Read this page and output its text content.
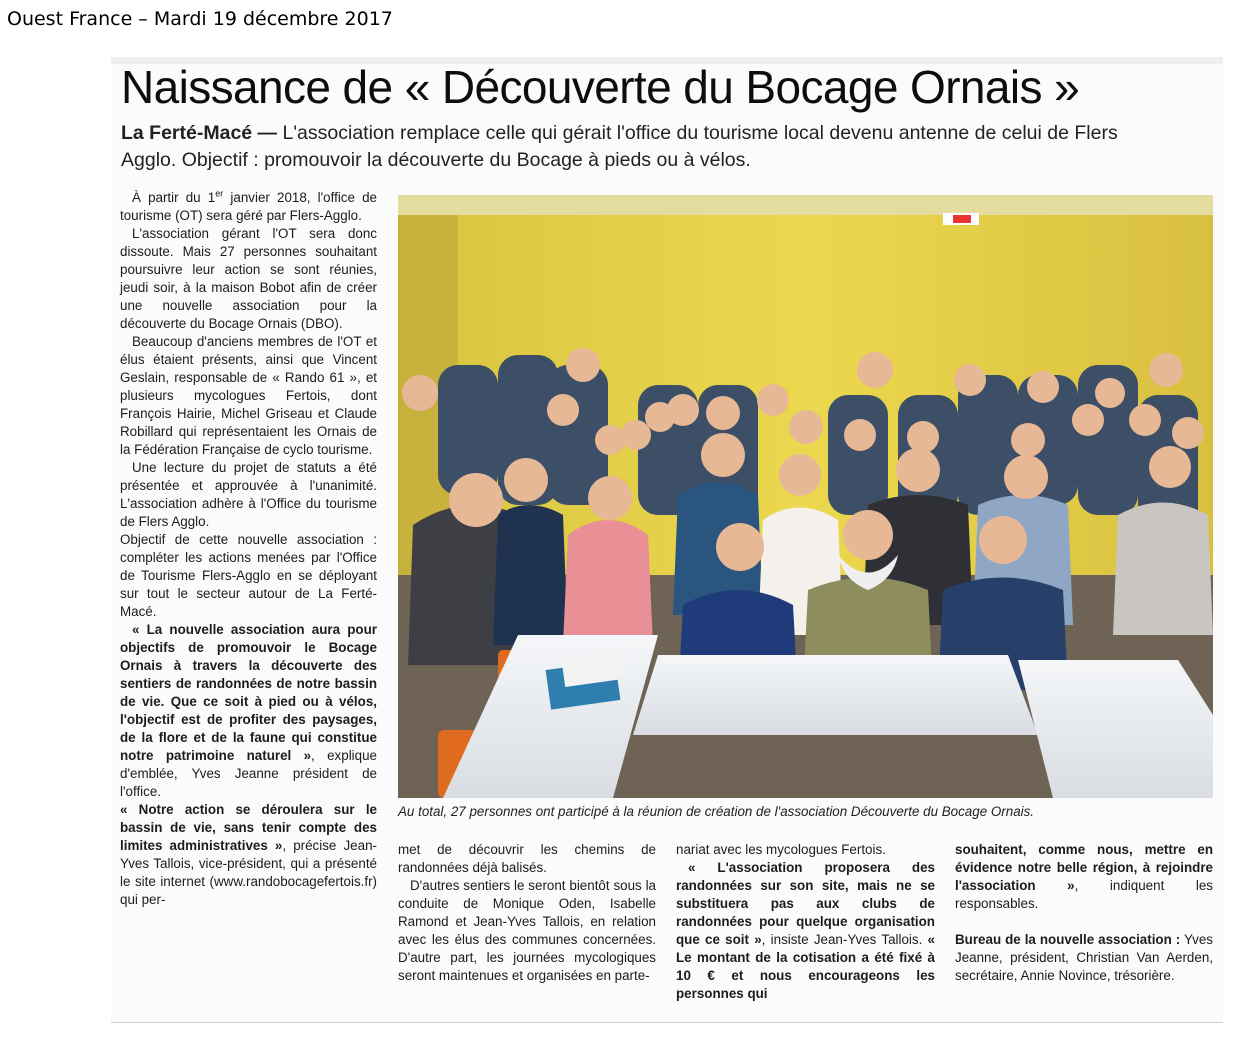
Ouest France – Mardi 19 décembre 2017
Naissance de « Découverte du Bocage Ornais »
La Ferté-Macé — L'association remplace celle qui gérait l'office du tourisme local devenu antenne de celui de Flers Agglo. Objectif : promouvoir la découverte du Bocage à pieds ou à vélos.

À partir du 1er janvier 2018, l'office de tourisme (OT) sera géré par Flers-Agglo.

L'association gérant l'OT sera donc dissoute. Mais 27 personnes souhaitant poursuivre leur action se sont réunies, jeudi soir, à la maison Bobot afin de créer une nouvelle association pour la découverte du Bocage Ornais (DBO).

Beaucoup d'anciens membres de l'OT et élus étaient présents, ainsi que Vincent Geslain, responsable de « Rando 61 », et plusieurs mycologues Fertois, dont François Hairie, Michel Griseau et Claude Robillard qui représentaient les Ornais de la Fédération Française de cyclo tourisme.

Une lecture du projet de statuts a été présentée et approuvée à l'unanimité. L'association adhère à l'Office du tourisme de Flers Agglo.

Objectif de cette nouvelle association : compléter les actions menées par l'Office de Tourisme Flers-Agglo en se déployant sur tout le secteur autour de La Ferté-Macé.

« La nouvelle association aura pour objectifs de promouvoir le Bocage Ornais à travers la découverte des sentiers de randonnées de notre bassin de vie. Que ce soit à pied ou à vélos, l'objectif est de profiter des paysages, de la flore et de la faune qui constitue notre patrimoine naturel », explique d'emblée, Yves Jeanne président de l'office.

« Notre action se déroulera sur le bassin de vie, sans tenir compte des limites administratives », précise Jean-Yves Tallois, vice-président, qui a présenté le site internet (www.randobocagefertois.fr) qui per-

Au total, 27 personnes ont participé à la réunion de création de l'association Découverte du Bocage Ornais.

met de découvrir les chemins de randonnées déjà balisés.

D'autres sentiers le seront bientôt sous la conduite de Monique Oden, Isabelle Ramond et Jean-Yves Tallois, en relation avec les élus des communes concernées. D'autre part, les journées mycologiques seront maintenues et organisées en parte-

nariat avec les mycologues Fertois.

« L'association proposera des randonnées sur son site, mais ne se substituera pas aux clubs de randonnées pour quelque organisation que ce soit », insiste Jean-Yves Tallois. « Le montant de la cotisation a été fixé à 10 € et nous encourageons les personnes qui

souhaitent, comme nous, mettre en évidence notre belle région, à rejoindre l'association », indiquent les responsables.

Bureau de la nouvelle association : Yves Jeanne, président, Christian Van Aerden, secrétaire, Annie Novince, trésorière.
